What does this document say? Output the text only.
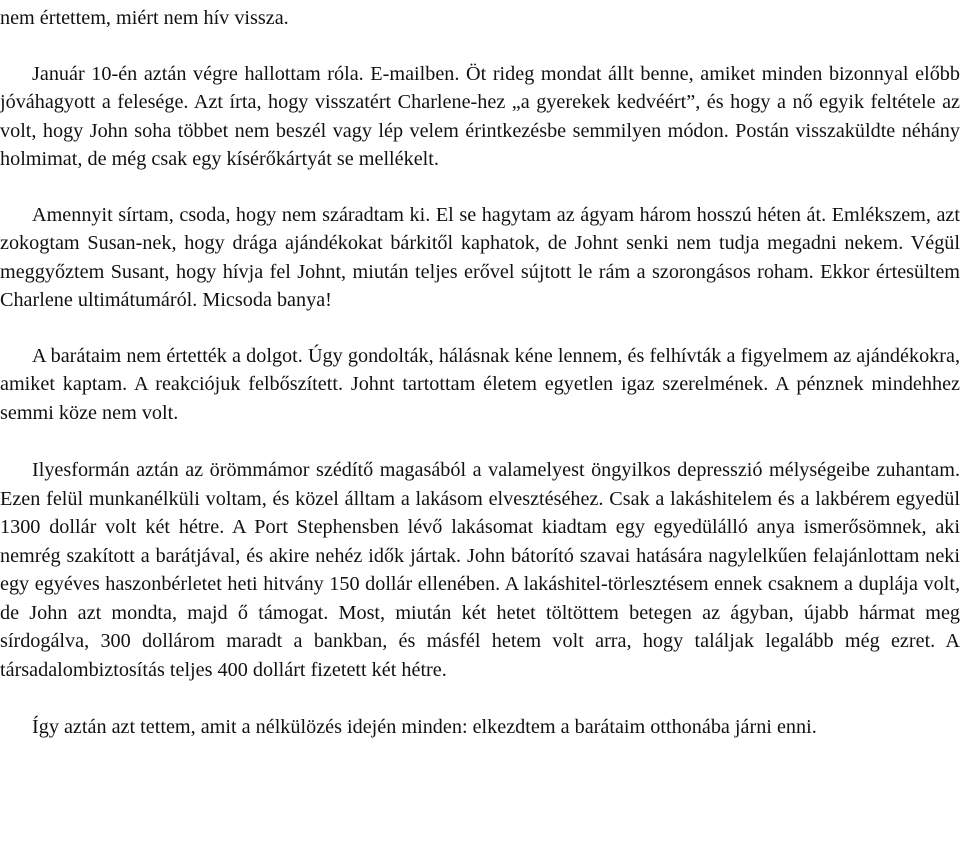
nem értettem, miért nem hív vissza.

Január 10-én aztán végre hallottam róla. E-mailben. Öt rideg mondat állt benne, amiket minden bizonnyal előbb jóváhagyott a felesége. Azt írta, hogy visszatért Charlene-hez „a gyerekek kedvéért”, és hogy a nő egyik feltétele az volt, hogy John soha többet nem beszél vagy lép velem érintkezésbe semmilyen módon. Postán visszaküldte néhány holmimat, de még csak egy kísérőkártyát se mellékelt.

Amennyit sírtam, csoda, hogy nem száradtam ki. El se hagytam az ágyam három hosszú héten át. Emlékszem, azt zokogtam Susan-nek, hogy drága ajándékokat bárkitől kaphatok, de Johnt senki nem tudja megadni nekem. Végül meggyőztem Susant, hogy hívja fel Johnt, miután teljes erővel sújtott le rám a szorongásos roham. Ekkor értesültem Charlene ultimátumáról. Micsoda banya!

A barátaim nem értették a dolgot. Úgy gondolták, hálásnak kéne lennem, és felhívták a figyelmem az ajándékokra, amiket kaptam. A reakciójuk felbőszített. Johnt tartottam életem egyetlen igaz szerelmének. A pénznek mindehhez semmi köze nem volt.

Ilyesformán aztán az örömmámor szédítő magasából a valamelyest öngyilkos depresszió mélységeibe zuhantam. Ezen felül munkanélküli voltam, és közel álltam a lakásom elvesztéséhez. Csak a lakáshitelem és a lakbérem egyedül 1300 dollár volt két hétre. A Port Stephensben lévő lakásomat kiadtam egy egyedülálló anya ismerősömnek, aki nemrég szakított a barátjával, és akire nehéz idők jártak. John bátorító szavai hatására nagylelkűen felajánlottam neki egy egyéves haszonbérletet heti hitvány 150 dollár ellenében. A lakáshitel-törlesztésem ennek csaknem a duplája volt, de John azt mondta, majd ő támogat. Most, miután két hetet töltöttem betegen az ágyban, újabb hármat meg sírdogálva, 300 dollárom maradt a bankban, és másfél hetem volt arra, hogy találjak legalább még ezret. A társadalombiztosítás teljes 400 dollárt fizetett két hétre.

Így aztán azt tettem, amit a nélkülözés idején minden: elkezdtem a barátaim otthonába járni enni.
